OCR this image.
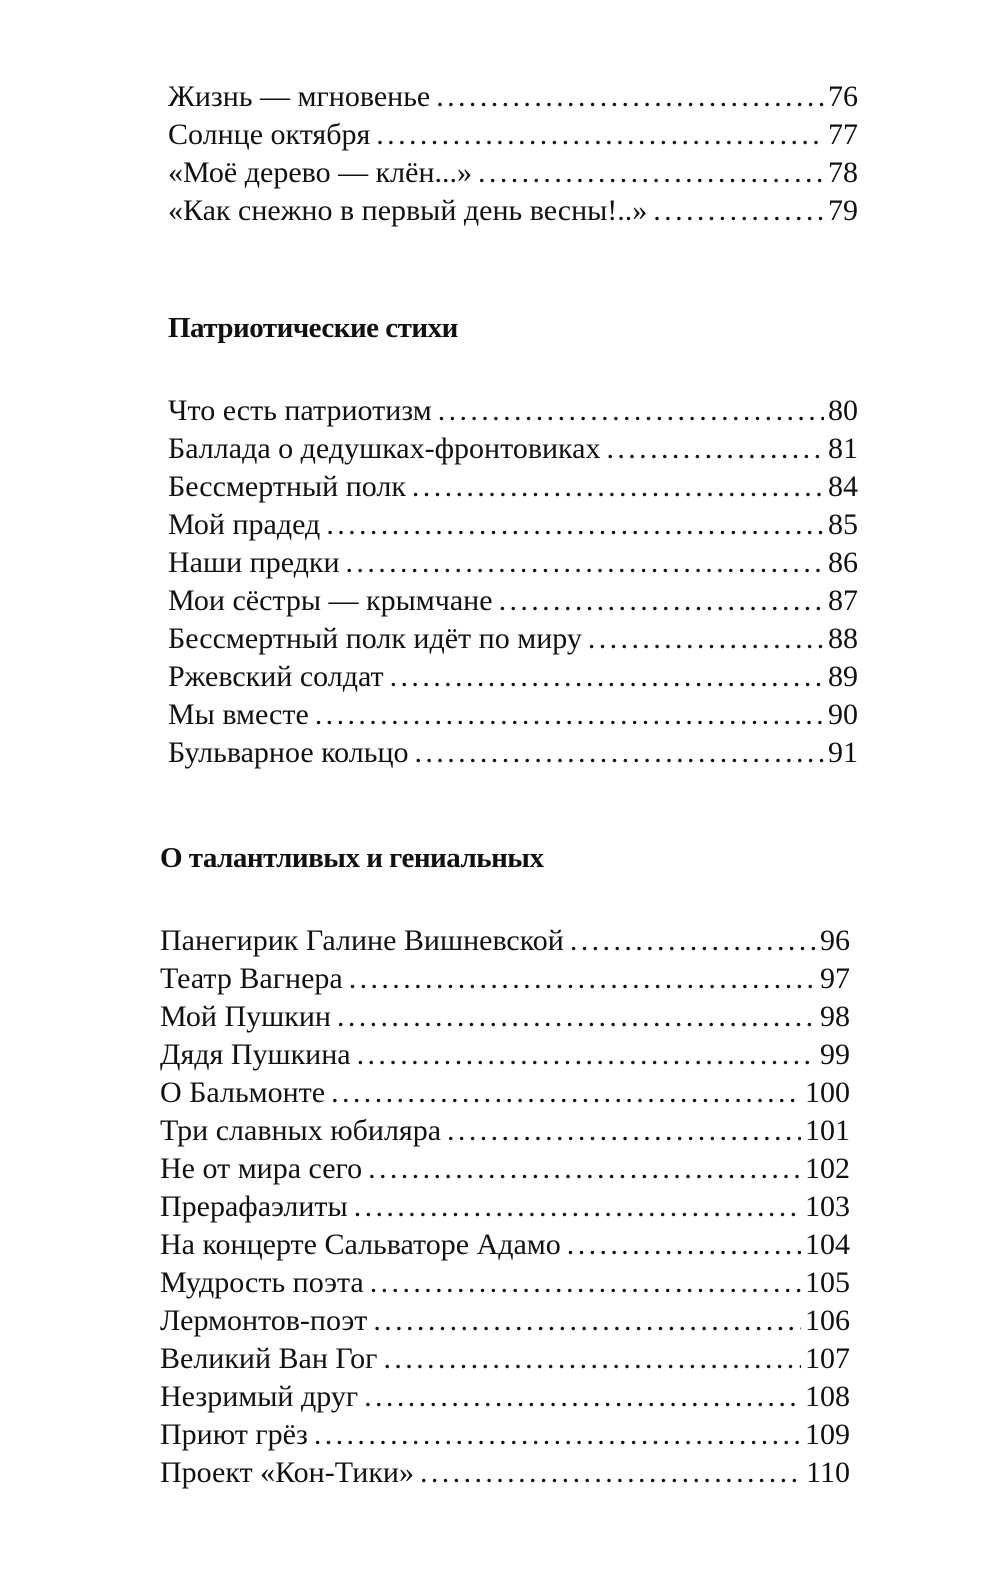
Жизнь — мгновенье .....	76
Солнце октября .....	77
«Моё дерево — клён...» .....	78
«Как снежно в первый день весны!..» .....	79
Патриотические стихи
Что есть патриотизм .....	80
Баллада о дедушках-фронтовиках .....	81
Бессмертный полк .....	84
Мой прадед .....	85
Наши предки .....	86
Мои сёстры — крымчане .....	87
Бессмертный полк идёт по миру .....	88
Ржевский солдат .....	89
Мы вместе .....	90
Бульварное кольцо .....	91
О талантливых и гениальных
Панегирик Галине Вишневской .....	96
Театр Вагнера .....	97
Мой Пушкин .....	98
Дядя Пушкина .....	99
О Бальмонте .....	100
Три славных юбиляра .....	101
Не от мира сего .....	102
Прерафаэлиты .....	103
На концерте Сальваторе Адамо .....	104
Мудрость поэта .....	105
Лермонтов-поэт .....	106
Великий Ван Гог .....	107
Незримый друг .....	108
Приют грёз .....	109
Проект «Кон-Тики» .....	110
